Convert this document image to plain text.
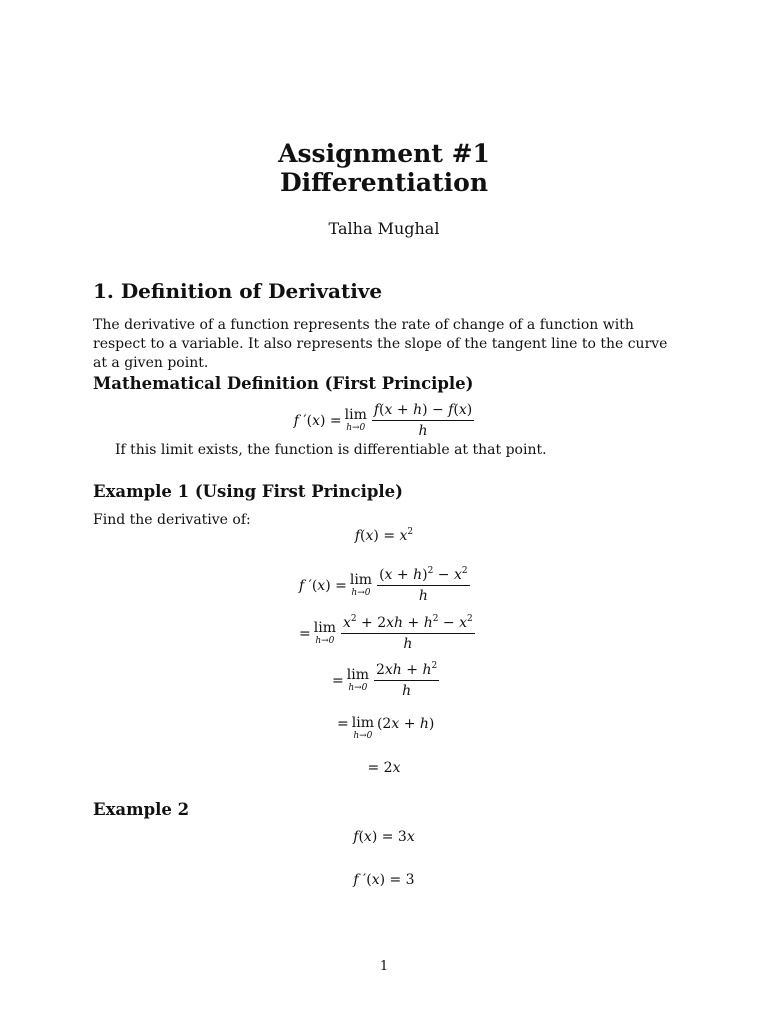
Assignment #1
Differentiation
Talha Mughal
1. Definition of Derivative
The derivative of a function represents the rate of change of a function with respect to a variable. It also represents the slope of the tangent line to the curve at a given point.
Mathematical Definition (First Principle)
f ′(x) = lim
$h\to 0 \frac{f(x + h) - f(x)}{h}$
If this limit exists, the function is differentiable at that point.
Example 1 (Using First Principle)
Find the derivative of:
$f(x) = x^2$
f ′(x) = lim
$h\to 0 \frac{(x + h)^2 - x^2}{h}$
= lim
$h\to 0 \frac{x^2 + 2xh + h^2 - x^2}{h}$
= lim
$h\to 0 \frac{2xh + h^2}{h}$
= lim
h→0
(2x + h)
= 2x
Example 2
f(x) = 3x
f ′(x) = 3
1
